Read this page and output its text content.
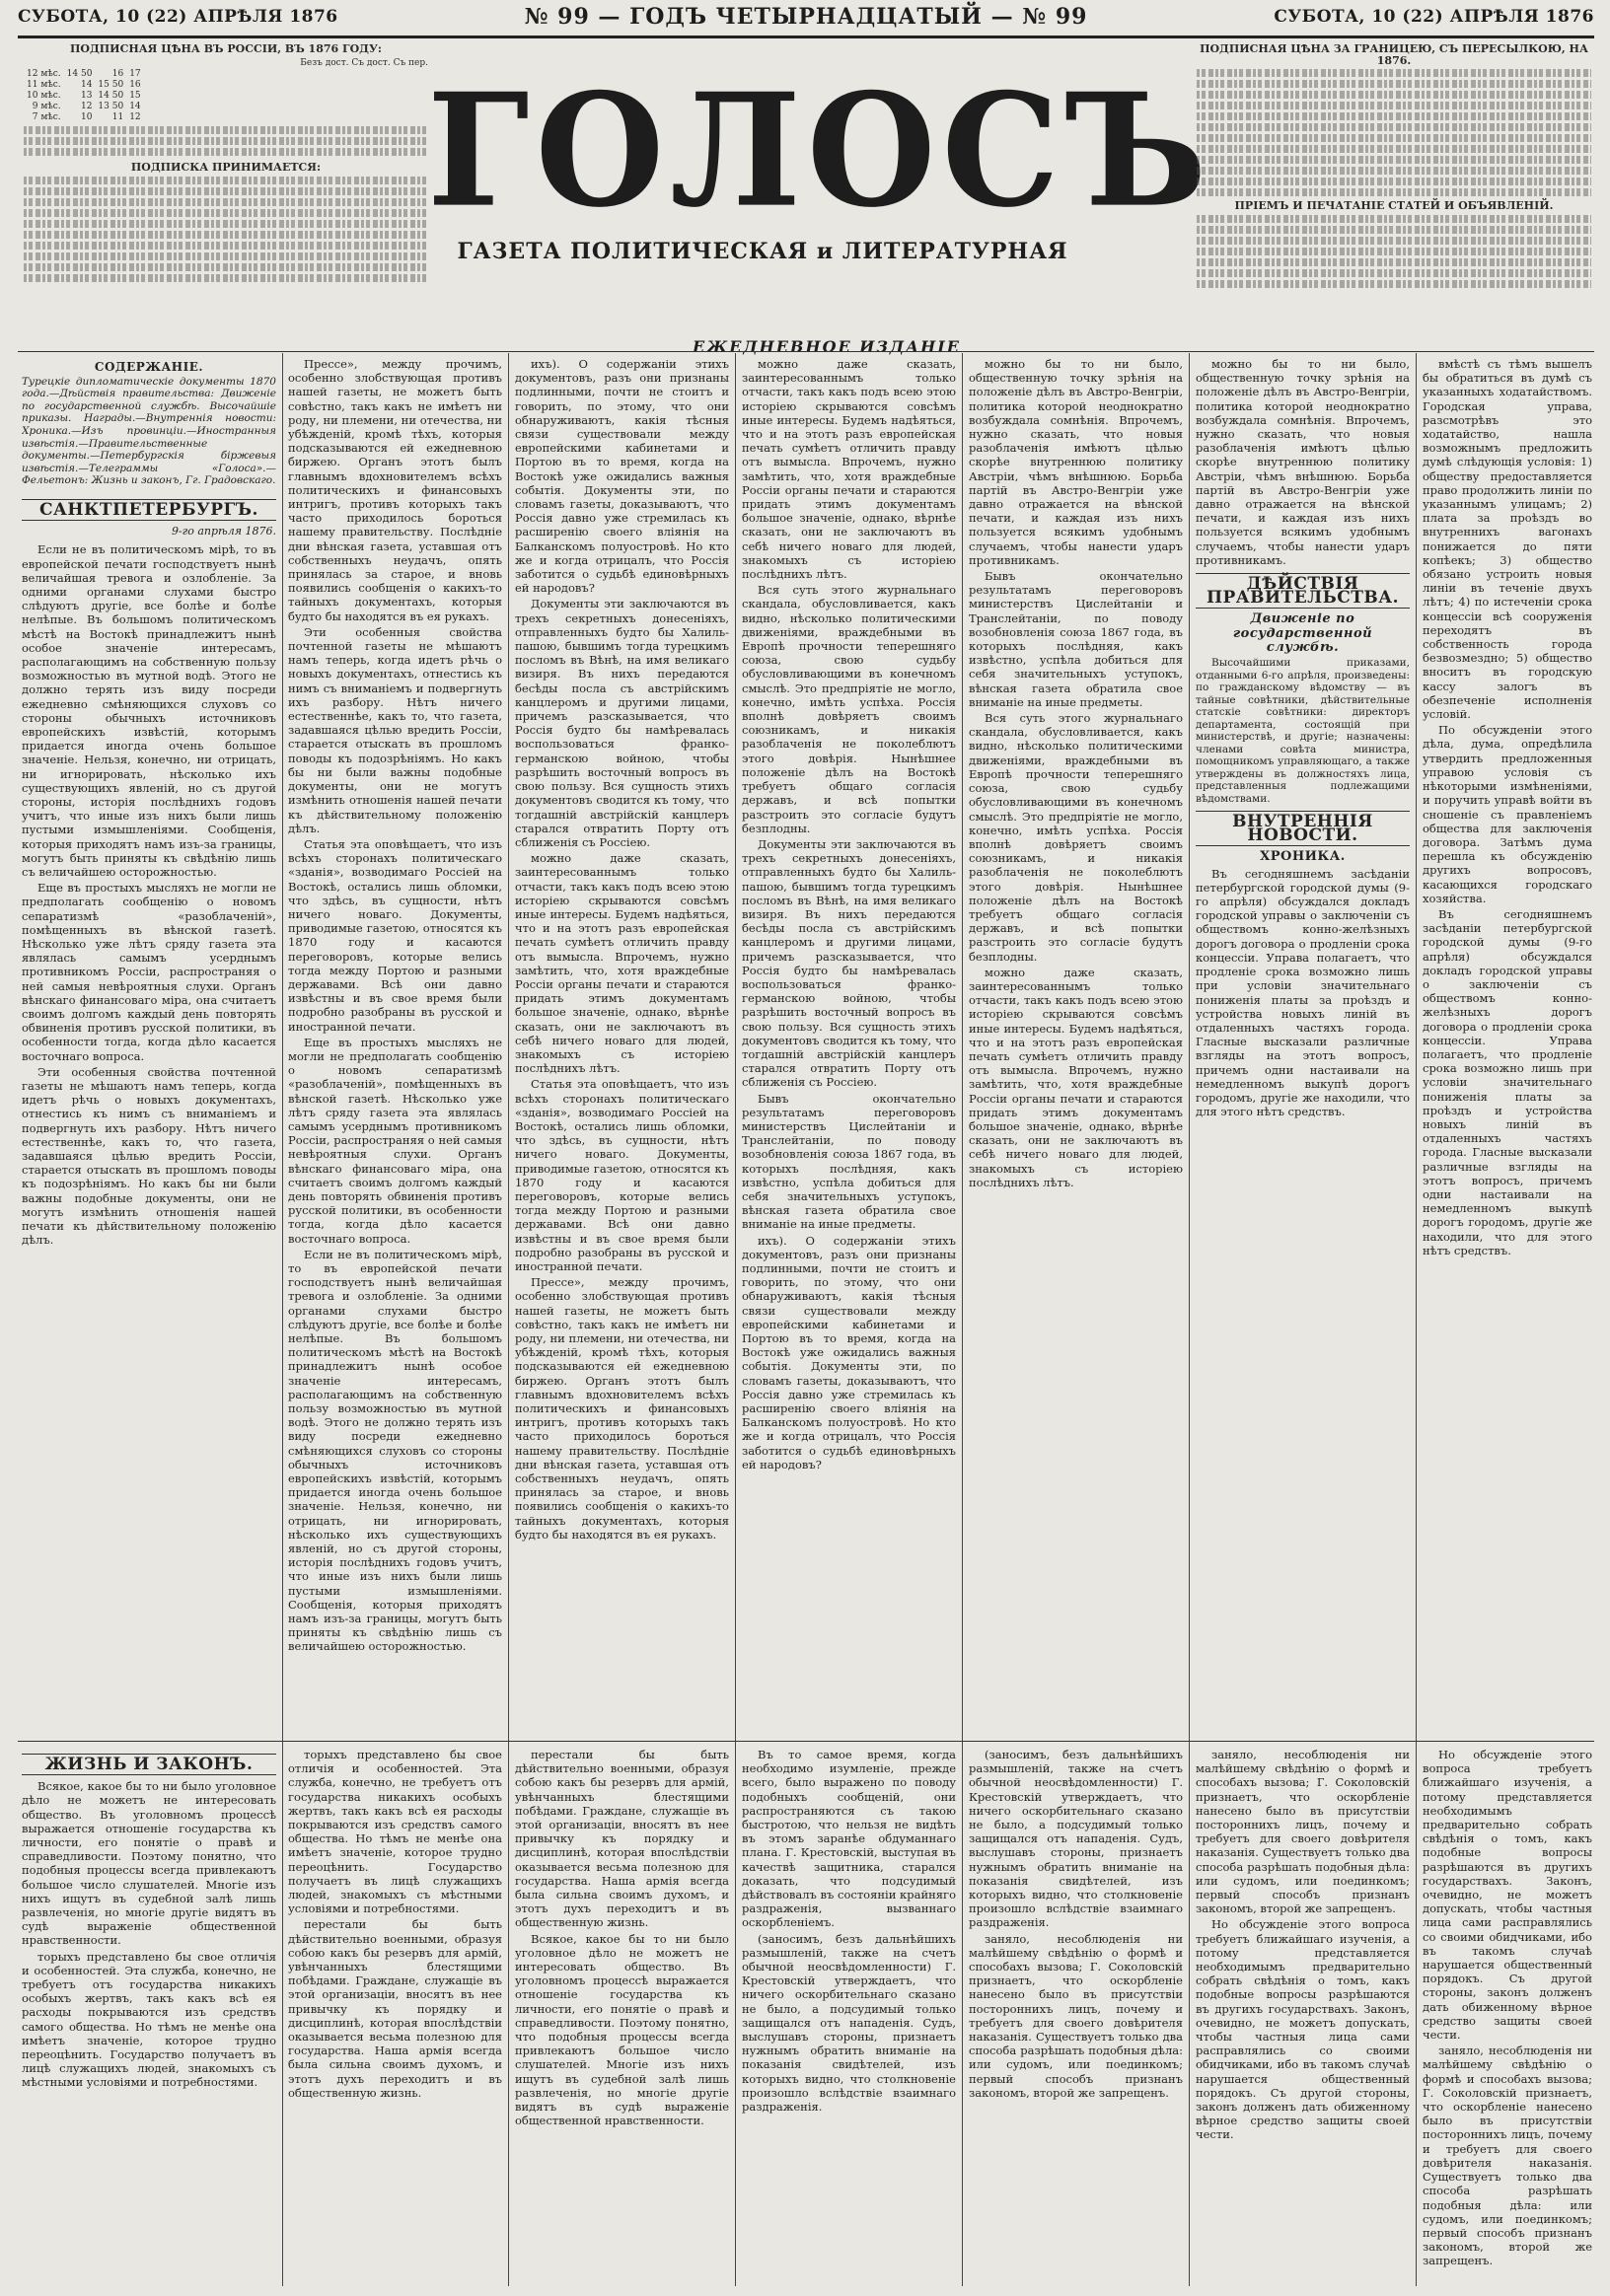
СУБОТА, 10 (22) АПРѢЛЯ 1876	№ 99 — ГОДЪ ЧЕТЫРНАДЦАТЫЙ — № 99	СУБОТА, 10 (22) АПРѢЛЯ 1876
ПОДПИСНАЯ ЦѢНА ВЪ РОССІИ, ВЪ 1876 ГОДУ:
Безъ дост. Съ дост. Съ пер.
12 мѣс.	14 50	16	17
11 мѣс.	14	15 50	16
10 мѣс.	13	14 50	15
9 мѣс.	12	13 50	14
7 мѣс.	10	11	12
ПОДПИСКА ПРИНИМАЕТСЯ: ГОЛОСЪ
ГАЗЕТА ПОЛИТИЧЕСКАЯ и ЛИТЕРАТУРНАЯ
ПОДПИСНАЯ ЦѢНА ЗА ГРАНИЦЕЮ, СЪ ПЕРЕСЫЛКОЮ, НА 1876.
ПРІЕМЪ И ПЕЧАТАНІЕ СТАТЕЙ И ОБЪЯВЛЕНІЙ.
ЕЖЕДНЕВНОЕ ИЗДАНІЕ
СОДЕРЖАНІЕ.
Турецкіе дипломатическіе документы 1870 года.—Дѣйствія правительства: Движеніе по государственной службѣ. Высочайшіе приказы. Награды.—Внутреннія новости: Хроника.—Изъ провинціи.—Иностранныя извѣстія.—Правительственные документы.—Петербургскія біржевыя извѣстія.—Телеграммы «Голоса».—Фельетонъ: Жизнь и законъ, Гг. Градовскаго.
САНКТПЕТЕРБУРГЪ.
9-го апрѣля 1876.

Если не въ политическомъ мірѣ, то въ европейской печати господствуетъ нынѣ величайшая тревога и озлобленіе. За одними органами слухами быстро слѣдуютъ другіе, все болѣе и болѣе нелѣпые. Въ большомъ политическомъ мѣстѣ на Востокѣ принадлежитъ нынѣ особое значеніе интересамъ, располагающимъ на собственную пользу возможностью въ мутной водѣ. Этого не должно терять изъ виду посреди ежедневно смѣняющихся слуховъ со стороны обычныхъ источниковъ европейскихъ извѣстій, которымъ придается иногда очень большое значеніе. Нельзя, конечно, ни отрицать, ни игнорировать, нѣсколько ихъ существующихъ явленій, но съ другой стороны, исторія послѣднихъ годовъ учитъ, что иные изъ нихъ были лишь пустыми измышленіями. Сообщенія, которыя приходятъ намъ изъ-за границы, могутъ быть приняты къ свѣдѣнію лишь съ величайшею осторожностью.

Еще въ простыхъ мысляхъ не могли не предполагать сообщенію о новомъ сепаратизмѣ «разоблаченій», помѣщенныхъ въ вѣнской газетѣ. Нѣсколько уже лѣтъ сряду газета эта являлась самымъ усерднымъ противникомъ Россіи, распространяя о ней самыя невѣроятныя слухи. Органъ вѣнскаго финансоваго міра, она считаетъ своимъ долгомъ каждый день повторять обвиненія противъ русской политики, въ особенности тогда, когда дѣло касается восточнаго вопроса.

Эти особенныя свойства почтенной газеты не мѣшаютъ намъ теперь, когда идетъ рѣчь о новыхъ документахъ, отнестись къ нимъ съ вниманіемъ и подвергнуть ихъ разбору. Нѣтъ ничего естественнѣе, какъ то, что газета, задавшаяся цѣлью вредить Россіи, старается отыскать въ прошломъ поводы къ подозрѣніямъ. Но какъ бы ни были важны подобные документы, они не могутъ измѣнить отношенія нашей печати къ дѣйствительному положенію дѣлъ.

Прессе», между прочимъ, особенно злобствующая противъ нашей газеты, не можетъ быть совѣстно, такъ какъ не имѣетъ ни роду, ни племени, ни отечества, ни убѣжденій, кромѣ тѣхъ, которыя подсказываются ей ежедневною биржею. Органъ этотъ былъ главнымъ вдохновителемъ всѣхъ политическихъ и финансовыхъ интригъ, противъ которыхъ такъ часто приходилось бороться нашему правительству. Послѣдніе дни вѣнская газета, уставшая отъ собственныхъ неудачъ, опять принялась за старое, и вновь появились сообщенія о какихъ-то тайныхъ документахъ, которыя будто бы находятся въ ея рукахъ.

Эти особенныя свойства почтенной газеты не мѣшаютъ намъ теперь, когда идетъ рѣчь о новыхъ документахъ, отнестись къ нимъ съ вниманіемъ и подвергнуть ихъ разбору. Нѣтъ ничего естественнѣе, какъ то, что газета, задавшаяся цѣлью вредить Россіи, старается отыскать въ прошломъ поводы къ подозрѣніямъ. Но какъ бы ни были важны подобные документы, они не могутъ измѣнить отношенія нашей печати къ дѣйствительному положенію дѣлъ.

Статья эта оповѣщаетъ, что изъ всѣхъ сторонахъ политическаго «зданія», возводимаго Россіей на Востокѣ, остались лишь обломки, что здѣсь, въ сущности, нѣтъ ничего новаго. Документы, приводимые газетою, относятся къ 1870 году и касаются переговоровъ, которые велись тогда между Портою и разными державами. Всѣ они давно извѣстны и въ свое время были подробно разобраны въ русской и иностранной печати.

Еще въ простыхъ мысляхъ не могли не предполагать сообщенію о новомъ сепаратизмѣ «разоблаченій», помѣщенныхъ въ вѣнской газетѣ. Нѣсколько уже лѣтъ сряду газета эта являлась самымъ усерднымъ противникомъ Россіи, распространяя о ней самыя невѣроятныя слухи. Органъ вѣнскаго финансоваго міра, она считаетъ своимъ долгомъ каждый день повторять обвиненія противъ русской политики, въ особенности тогда, когда дѣло касается восточнаго вопроса.

Если не въ политическомъ мірѣ, то въ европейской печати господствуетъ нынѣ величайшая тревога и озлобленіе. За одними органами слухами быстро слѣдуютъ другіе, все болѣе и болѣе нелѣпые. Въ большомъ политическомъ мѣстѣ на Востокѣ принадлежитъ нынѣ особое значеніе интересамъ, располагающимъ на собственную пользу возможностью въ мутной водѣ. Этого не должно терять изъ виду посреди ежедневно смѣняющихся слуховъ со стороны обычныхъ источниковъ европейскихъ извѣстій, которымъ придается иногда очень большое значеніе. Нельзя, конечно, ни отрицать, ни игнорировать, нѣсколько ихъ существующихъ явленій, но съ другой стороны, исторія послѣднихъ годовъ учитъ, что иные изъ нихъ были лишь пустыми измышленіями. Сообщенія, которыя приходятъ намъ изъ-за границы, могутъ быть приняты къ свѣдѣнію лишь съ величайшею осторожностью.

ихъ). О содержаніи этихъ документовъ, разъ они признаны подлинными, почти не стоитъ и говорить, по этому, что они обнаруживаютъ, какія тѣсныя связи существовали между европейскими кабинетами и Портою въ то время, когда на Востокѣ уже ожидались важныя событія. Документы эти, по словамъ газеты, доказываютъ, что Россія давно уже стремилась къ расширенію своего вліянія на Балканскомъ полуостровѣ. Но кто же и когда отрицалъ, что Россія заботится о судьбѣ единовѣрныхъ ей народовъ?

Документы эти заключаются въ трехъ секретныхъ донесеніяхъ, отправленныхъ будто бы Халиль-пашою, бывшимъ тогда турецкимъ посломъ въ Вѣнѣ, на имя великаго визиря. Въ нихъ передаются бесѣды посла съ австрійскимъ канцлеромъ и другими лицами, причемъ разсказывается, что Россія будто бы намѣревалась воспользоваться франко-германскою войною, чтобы разрѣшить восточный вопросъ въ свою пользу. Вся сущность этихъ документовъ сводится къ тому, что тогдашній австрійскій канцлеръ старался отвратить Порту отъ сближенія съ Россіею.

можно даже сказать, заинтересованнымъ только отчасти, такъ какъ подъ всею этою исторіею скрываются совсѣмъ иные интересы. Будемъ надѣяться, что и на этотъ разъ европейская печать сумѣетъ отличить правду отъ вымысла. Впрочемъ, нужно замѣтить, что, хотя враждебные Россіи органы печати и стараются придать этимъ документамъ большое значеніе, однако, вѣрнѣе сказать, они не заключаютъ въ себѣ ничего новаго для людей, знакомыхъ съ исторіею послѣднихъ лѣтъ.

Статья эта оповѣщаетъ, что изъ всѣхъ сторонахъ политическаго «зданія», возводимаго Россіей на Востокѣ, остались лишь обломки, что здѣсь, въ сущности, нѣтъ ничего новаго. Документы, приводимые газетою, относятся къ 1870 году и касаются переговоровъ, которые велись тогда между Портою и разными державами. Всѣ они давно извѣстны и въ свое время были подробно разобраны въ русской и иностранной печати.

Прессе», между прочимъ, особенно злобствующая противъ нашей газеты, не можетъ быть совѣстно, такъ какъ не имѣетъ ни роду, ни племени, ни отечества, ни убѣжденій, кромѣ тѣхъ, которыя подсказываются ей ежедневною биржею. Органъ этотъ былъ главнымъ вдохновителемъ всѣхъ политическихъ и финансовыхъ интригъ, противъ которыхъ такъ часто приходилось бороться нашему правительству. Послѣдніе дни вѣнская газета, уставшая отъ собственныхъ неудачъ, опять принялась за старое, и вновь появились сообщенія о какихъ-то тайныхъ документахъ, которыя будто бы находятся въ ея рукахъ.

можно даже сказать, заинтересованнымъ только отчасти, такъ какъ подъ всею этою исторіею скрываются совсѣмъ иные интересы. Будемъ надѣяться, что и на этотъ разъ европейская печать сумѣетъ отличить правду отъ вымысла. Впрочемъ, нужно замѣтить, что, хотя враждебные Россіи органы печати и стараются придать этимъ документамъ большое значеніе, однако, вѣрнѣе сказать, они не заключаютъ въ себѣ ничего новаго для людей, знакомыхъ съ исторіею послѣднихъ лѣтъ.

Вся суть этого журнальнаго скандала, обусловливается, какъ видно, нѣсколько политическими движеніями, враждебными въ Европѣ прочности теперешняго союза, свою судьбу обусловливающими въ конечномъ смыслѣ. Это предпріятіе не могло, конечно, имѣть успѣха. Россія вполнѣ довѣряетъ своимъ союзникамъ, и никакія разоблаченія не поколеблютъ этого довѣрія. Нынѣшнее положеніе дѣлъ на Востокѣ требуетъ общаго согласія державъ, и всѣ попытки разстроить это согласіе будутъ безплодны.

Документы эти заключаются въ трехъ секретныхъ донесеніяхъ, отправленныхъ будто бы Халиль-пашою, бывшимъ тогда турецкимъ посломъ въ Вѣнѣ, на имя великаго визиря. Въ нихъ передаются бесѣды посла съ австрійскимъ канцлеромъ и другими лицами, причемъ разсказывается, что Россія будто бы намѣревалась воспользоваться франко-германскою войною, чтобы разрѣшить восточный вопросъ въ свою пользу. Вся сущность этихъ документовъ сводится къ тому, что тогдашній австрійскій канцлеръ старался отвратить Порту отъ сближенія съ Россіею.

Бывъ окончательно результатамъ переговоровъ министерствъ Цислейтаніи и Транслейтаніи, по поводу возобновленія союза 1867 года, въ которыхъ послѣдняя, какъ извѣстно, успѣла добиться для себя значительныхъ уступокъ, вѣнская газета обратила свое вниманіе на иные предметы.

ихъ). О содержаніи этихъ документовъ, разъ они признаны подлинными, почти не стоитъ и говорить, по этому, что они обнаруживаютъ, какія тѣсныя связи существовали между европейскими кабинетами и Портою въ то время, когда на Востокѣ уже ожидались важныя событія. Документы эти, по словамъ газеты, доказываютъ, что Россія давно уже стремилась къ расширенію своего вліянія на Балканскомъ полуостровѣ. Но кто же и когда отрицалъ, что Россія заботится о судьбѣ единовѣрныхъ ей народовъ?

можно бы то ни было, общественную точку зрѣнія на положеніе дѣлъ въ Австро-Венгріи, политика которой неоднократно возбуждала сомнѣнія. Впрочемъ, нужно сказать, что новыя разоблаченія имѣютъ цѣлью скорѣе внутреннюю политику Австріи, чѣмъ внѣшнюю. Борьба партій въ Австро-Венгріи уже давно отражается на вѣнской печати, и каждая изъ нихъ пользуется всякимъ удобнымъ случаемъ, чтобы нанести ударъ противникамъ.

Бывъ окончательно результатамъ переговоровъ министерствъ Цислейтаніи и Транслейтаніи, по поводу возобновленія союза 1867 года, въ которыхъ послѣдняя, какъ извѣстно, успѣла добиться для себя значительныхъ уступокъ, вѣнская газета обратила свое вниманіе на иные предметы.

Вся суть этого журнальнаго скандала, обусловливается, какъ видно, нѣсколько политическими движеніями, враждебными въ Европѣ прочности теперешняго союза, свою судьбу обусловливающими въ конечномъ смыслѣ. Это предпріятіе не могло, конечно, имѣть успѣха. Россія вполнѣ довѣряетъ своимъ союзникамъ, и никакія разоблаченія не поколеблютъ этого довѣрія. Нынѣшнее положеніе дѣлъ на Востокѣ требуетъ общаго согласія державъ, и всѣ попытки разстроить это согласіе будутъ безплодны.

можно даже сказать, заинтересованнымъ только отчасти, такъ какъ подъ всею этою исторіею скрываются совсѣмъ иные интересы. Будемъ надѣяться, что и на этотъ разъ европейская печать сумѣетъ отличить правду отъ вымысла. Впрочемъ, нужно замѣтить, что, хотя враждебные Россіи органы печати и стараются придать этимъ документамъ большое значеніе, однако, вѣрнѣе сказать, они не заключаютъ въ себѣ ничего новаго для людей, знакомыхъ съ исторіею послѣднихъ лѣтъ.

можно бы то ни было, общественную точку зрѣнія на положеніе дѣлъ въ Австро-Венгріи, политика которой неоднократно возбуждала сомнѣнія. Впрочемъ, нужно сказать, что новыя разоблаченія имѣютъ цѣлью скорѣе внутреннюю политику Австріи, чѣмъ внѣшнюю. Борьба партій въ Австро-Венгріи уже давно отражается на вѣнской печати, и каждая изъ нихъ пользуется всякимъ удобнымъ случаемъ, чтобы нанести ударъ противникамъ.

ДѢЙСТВІЯ ПРАВИТЕЛЬСТВА.
Движеніе по государственной службѣ.

Высочайшими приказами, отданными 6-го апрѣля, произведены: по гражданскому вѣдомству — въ тайные совѣтники, дѣйствительные статскіе совѣтники: директоръ департамента, состоящій при министерствѣ, и другіе; назначены: членами совѣта министра, помощникомъ управляющаго, а также утверждены въ должностяхъ лица, представленныя подлежащими вѣдомствами.

ВНУТРЕННІЯ НОВОСТИ.
ХРОНИКА.

Въ сегодняшнемъ засѣданіи петербургской городской думы (9-го апрѣля) обсуждался докладъ городской управы о заключеніи съ обществомъ конно-желѣзныхъ дорогъ договора о продленіи срока концессіи. Управа полагаетъ, что продленіе срока возможно лишь при условіи значительнаго пониженія платы за проѣздъ и устройства новыхъ линій въ отдаленныхъ частяхъ города. Гласные высказали различные взгляды на этотъ вопросъ, причемъ одни настаивали на немедленномъ выкупѣ дорогъ городомъ, другіе же находили, что для этого нѣтъ средствъ.

вмѣстѣ съ тѣмъ вышелъ бы обратиться въ думѣ съ указанныхъ ходатайствомъ. Городская управа, разсмотрѣвъ это ходатайство, нашла возможнымъ предложить думѣ слѣдующія условія: 1) обществу предоставляется право продолжить линіи по указаннымъ улицамъ; 2) плата за проѣздъ во внутреннихъ вагонахъ понижается до пяти копѣекъ; 3) общество обязано устроить новыя линіи въ теченіе двухъ лѣтъ; 4) по истеченіи срока концессіи всѣ сооруженія переходятъ въ собственность города безвозмездно; 5) общество вноситъ въ городскую кассу залогъ въ обезпеченіе исполненія условій.

По обсужденіи этого дѣла, дума, опредѣлила утвердить предложенныя управою условія съ нѣкоторыми измѣненіями, и поручить управѣ войти въ сношеніе съ правленіемъ общества для заключенія договора. Затѣмъ дума перешла къ обсужденію другихъ вопросовъ, касающихся городскаго хозяйства.

Въ сегодняшнемъ засѣданіи петербургской городской думы (9-го апрѣля) обсуждался докладъ городской управы о заключеніи съ обществомъ конно-желѣзныхъ дорогъ договора о продленіи срока концессіи. Управа полагаетъ, что продленіе срока возможно лишь при условіи значительнаго пониженія платы за проѣздъ и устройства новыхъ линій въ отдаленныхъ частяхъ города. Гласные высказали различные взгляды на этотъ вопросъ, причемъ одни настаивали на немедленномъ выкупѣ дорогъ городомъ, другіе же находили, что для этого нѣтъ средствъ.

ЖИЗНЬ И ЗАКОНЪ.

Всякое, какое бы то ни было уголовное дѣло не можетъ не интересовать общество. Въ уголовномъ процессѣ выражается отношеніе государства къ личности, его понятіе о правѣ и справедливости. Поэтому понятно, что подобныя процессы всегда привлекаютъ большое число слушателей. Многіе изъ нихъ ищутъ въ судебной залѣ лишь развлеченія, но многіе другіе видятъ въ судѣ выраженіе общественной нравственности.

торыхъ представлено бы свое отличія и особенностей. Эта служба, конечно, не требуетъ отъ государства никакихъ особыхъ жертвъ, такъ какъ всѣ ея расходы покрываются изъ средствъ самого общества. Но тѣмъ не менѣе она имѣетъ значеніе, которое трудно переоцѣнить. Государство получаетъ въ лицѣ служащихъ людей, знакомыхъ съ мѣстными условіями и потребностями.

торыхъ представлено бы свое отличія и особенностей. Эта служба, конечно, не требуетъ отъ государства никакихъ особыхъ жертвъ, такъ какъ всѣ ея расходы покрываются изъ средствъ самого общества. Но тѣмъ не менѣе она имѣетъ значеніе, которое трудно переоцѣнить. Государство получаетъ въ лицѣ служащихъ людей, знакомыхъ съ мѣстными условіями и потребностями.

перестали бы быть дѣйствительно военными, образуя собою какъ бы резервъ для армій, увѣнчанныхъ блестящими побѣдами. Граждане, служащіе въ этой организаціи, вносятъ въ нее привычку къ порядку и дисциплинѣ, которая впослѣдствіи оказывается весьма полезною для государства. Наша армія всегда была сильна своимъ духомъ, и этотъ духъ переходитъ и въ общественную жизнь.

перестали бы быть дѣйствительно военными, образуя собою какъ бы резервъ для армій, увѣнчанныхъ блестящими побѣдами. Граждане, служащіе въ этой организаціи, вносятъ въ нее привычку къ порядку и дисциплинѣ, которая впослѣдствіи оказывается весьма полезною для государства. Наша армія всегда была сильна своимъ духомъ, и этотъ духъ переходитъ и въ общественную жизнь.

Всякое, какое бы то ни было уголовное дѣло не можетъ не интересовать общество. Въ уголовномъ процессѣ выражается отношеніе государства къ личности, его понятіе о правѣ и справедливости. Поэтому понятно, что подобныя процессы всегда привлекаютъ большое число слушателей. Многіе изъ нихъ ищутъ въ судебной залѣ лишь развлеченія, но многіе другіе видятъ въ судѣ выраженіе общественной нравственности.

Въ то самое время, когда необходимо изумленіе, прежде всего, было выражено по поводу подобныхъ сообщеній, они распространяются съ такою быстротою, что нельзя не видѣть въ этомъ заранѣе обдуманнаго плана. Г. Крестовскій, выступая въ качествѣ защитника, старался доказать, что подсудимый дѣйствовалъ въ состояніи крайняго раздраженія, вызваннаго оскорбленіемъ.

(заносимъ, безъ дальнѣйшихъ размышленій, также на счетъ обычной неосвѣдомленности) Г. Крестовскій утверждаетъ, что ничего оскорбительнаго сказано не было, а подсудимый только защищался отъ нападенія. Судъ, выслушавъ стороны, признаетъ нужнымъ обратить вниманіе на показанія свидѣтелей, изъ которыхъ видно, что столкновеніе произошло вслѣдствіе взаимнаго раздраженія.

(заносимъ, безъ дальнѣйшихъ размышленій, также на счетъ обычной неосвѣдомленности) Г. Крестовскій утверждаетъ, что ничего оскорбительнаго сказано не было, а подсудимый только защищался отъ нападенія. Судъ, выслушавъ стороны, признаетъ нужнымъ обратить вниманіе на показанія свидѣтелей, изъ которыхъ видно, что столкновеніе произошло вслѣдствіе взаимнаго раздраженія.

заняло, несоблюденія ни малѣйшему свѣдѣнію о формѣ и способахъ вызова; Г. Соколовскій признаетъ, что оскорбленіе нанесено было въ присутствіи постороннихъ лицъ, почему и требуетъ для своего довѣрителя наказанія. Существуетъ только два способа разрѣшать подобныя дѣла: или судомъ, или поединкомъ; первый способъ признанъ закономъ, второй же запрещенъ.

заняло, несоблюденія ни малѣйшему свѣдѣнію о формѣ и способахъ вызова; Г. Соколовскій признаетъ, что оскорбленіе нанесено было въ присутствіи постороннихъ лицъ, почему и требуетъ для своего довѣрителя наказанія. Существуетъ только два способа разрѣшать подобныя дѣла: или судомъ, или поединкомъ; первый способъ признанъ закономъ, второй же запрещенъ.

Но обсужденіе этого вопроса требуетъ ближайшаго изученія, а потому представляется необходимымъ предварительно собрать свѣдѣнія о томъ, какъ подобные вопросы разрѣшаются въ другихъ государствахъ. Законъ, очевидно, не можетъ допускать, чтобы частныя лица сами расправлялись со своими обидчиками, ибо въ такомъ случаѣ нарушается общественный порядокъ. Съ другой стороны, законъ долженъ дать обиженному вѣрное средство защиты своей чести.

Но обсужденіе этого вопроса требуетъ ближайшаго изученія, а потому представляется необходимымъ предварительно собрать свѣдѣнія о томъ, какъ подобные вопросы разрѣшаются въ другихъ государствахъ. Законъ, очевидно, не можетъ допускать, чтобы частныя лица сами расправлялись со своими обидчиками, ибо въ такомъ случаѣ нарушается общественный порядокъ. Съ другой стороны, законъ долженъ дать обиженному вѣрное средство защиты своей чести.

заняло, несоблюденія ни малѣйшему свѣдѣнію о формѣ и способахъ вызова; Г. Соколовскій признаетъ, что оскорбленіе нанесено было въ присутствіи постороннихъ лицъ, почему и требуетъ для своего довѣрителя наказанія. Существуетъ только два способа разрѣшать подобныя дѣла: или судомъ, или поединкомъ; первый способъ признанъ закономъ, второй же запрещенъ.
